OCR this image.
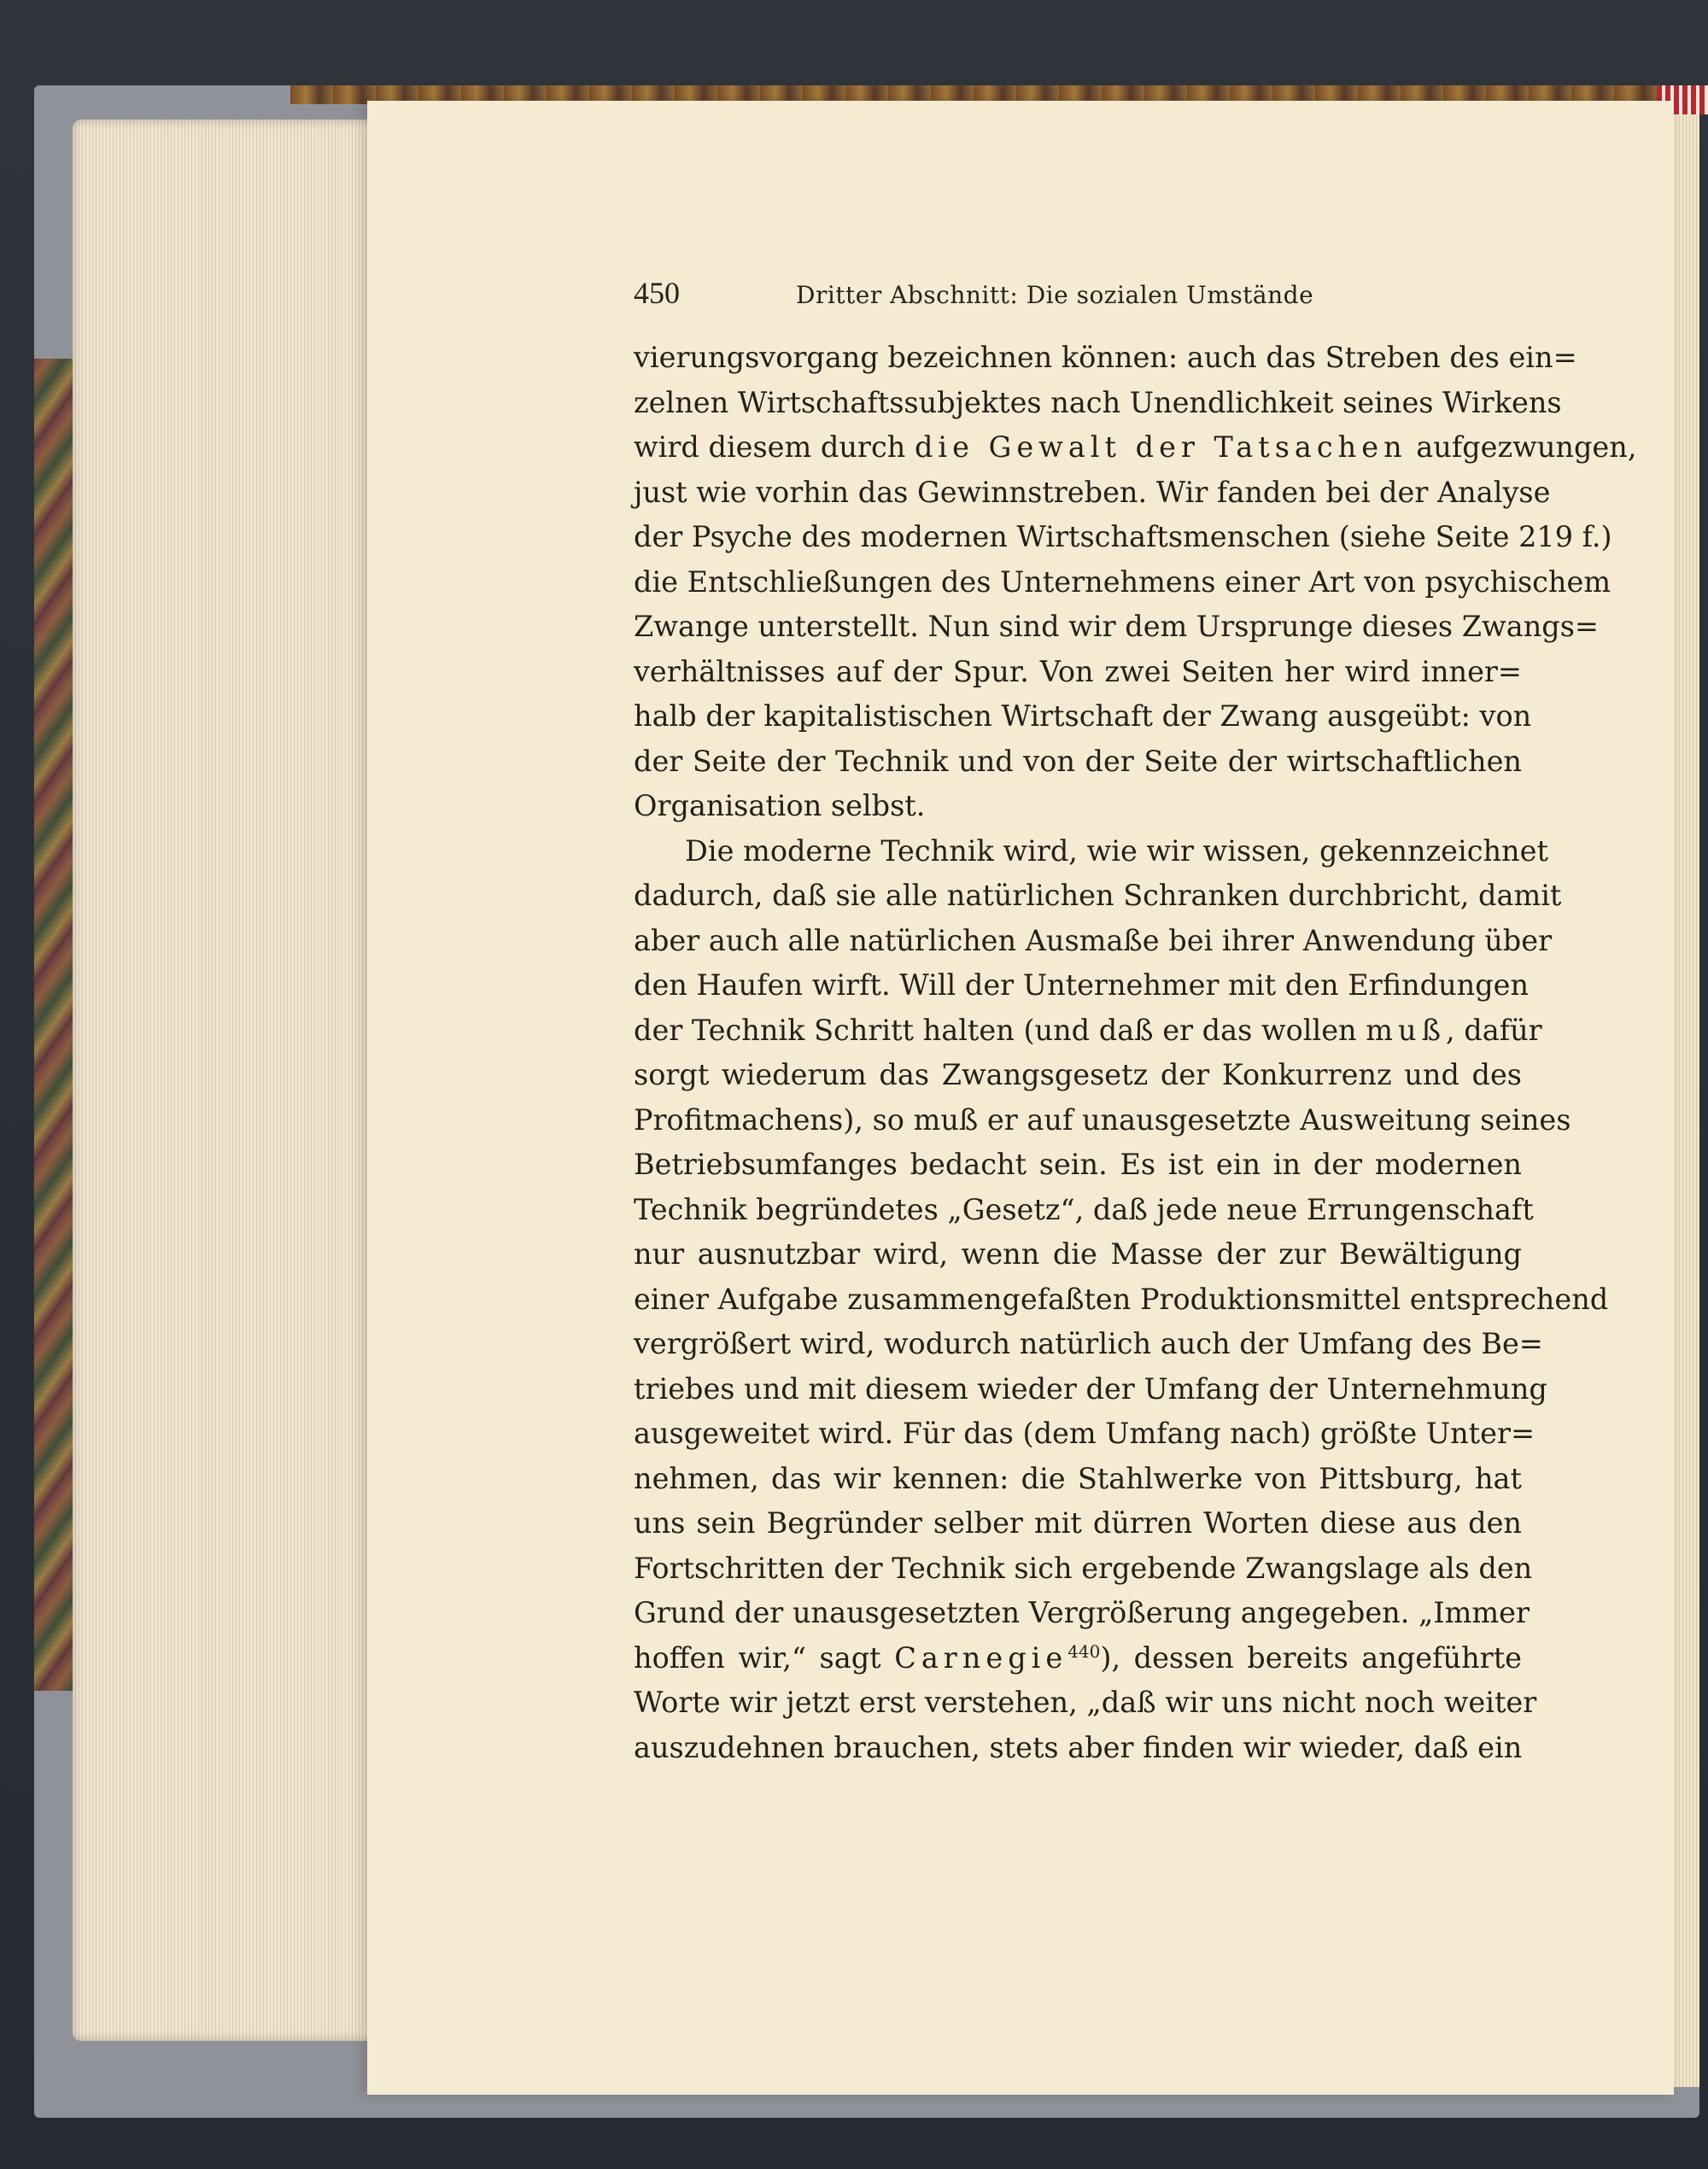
450	Dritter Abschnitt: Die sozialen Umstände
vierungsvorgang bezeichnen können: auch das Streben des ein=
zelnen Wirtschaftssubjektes nach Unendlichkeit seines Wirkens
wird diesem durch die Gewalt der Tatsachen aufgezwungen,
just wie vorhin das Gewinnstreben. Wir fanden bei der Analyse
der Psyche des modernen Wirtschaftsmenschen (siehe Seite 219 f.)
die Entschließungen des Unternehmens einer Art von psychischem
Zwange unterstellt. Nun sind wir dem Ursprunge dieses Zwangs=
verhältnisses auf der Spur. Von zwei Seiten her wird inner=
halb der kapitalistischen Wirtschaft der Zwang ausgeübt: von
der Seite der Technik und von der Seite der wirtschaftlichen
Organisation selbst.
Die moderne Technik wird, wie wir wissen, gekennzeichnet
dadurch, daß sie alle natürlichen Schranken durchbricht, damit
aber auch alle natürlichen Ausmaße bei ihrer Anwendung über
den Haufen wirft. Will der Unternehmer mit den Erfindungen
der Technik Schritt halten (und daß er das wollen muß, dafür
sorgt wiederum das Zwangsgesetz der Konkurrenz und des
Profitmachens), so muß er auf unausgesetzte Ausweitung seines
Betriebsumfanges bedacht sein. Es ist ein in der modernen
Technik begründetes „Gesetz“, daß jede neue Errungenschaft
nur ausnutzbar wird, wenn die Masse der zur Bewältigung
einer Aufgabe zusammengefaßten Produktionsmittel entsprechend
vergrößert wird, wodurch natürlich auch der Umfang des Be=
triebes und mit diesem wieder der Umfang der Unternehmung
ausgeweitet wird. Für das (dem Umfang nach) größte Unter=
nehmen, das wir kennen: die Stahlwerke von Pittsburg, hat
uns sein Begründer selber mit dürren Worten diese aus den
Fortschritten der Technik sich ergebende Zwangslage als den
Grund der unausgesetzten Vergrößerung angegeben. „Immer
hoffen wir,“ sagt Carnegie$^{440}$), dessen bereits angeführte
Worte wir jetzt erst verstehen, „daß wir uns nicht noch weiter
auszudehnen brauchen, stets aber finden wir wieder, daß ein
